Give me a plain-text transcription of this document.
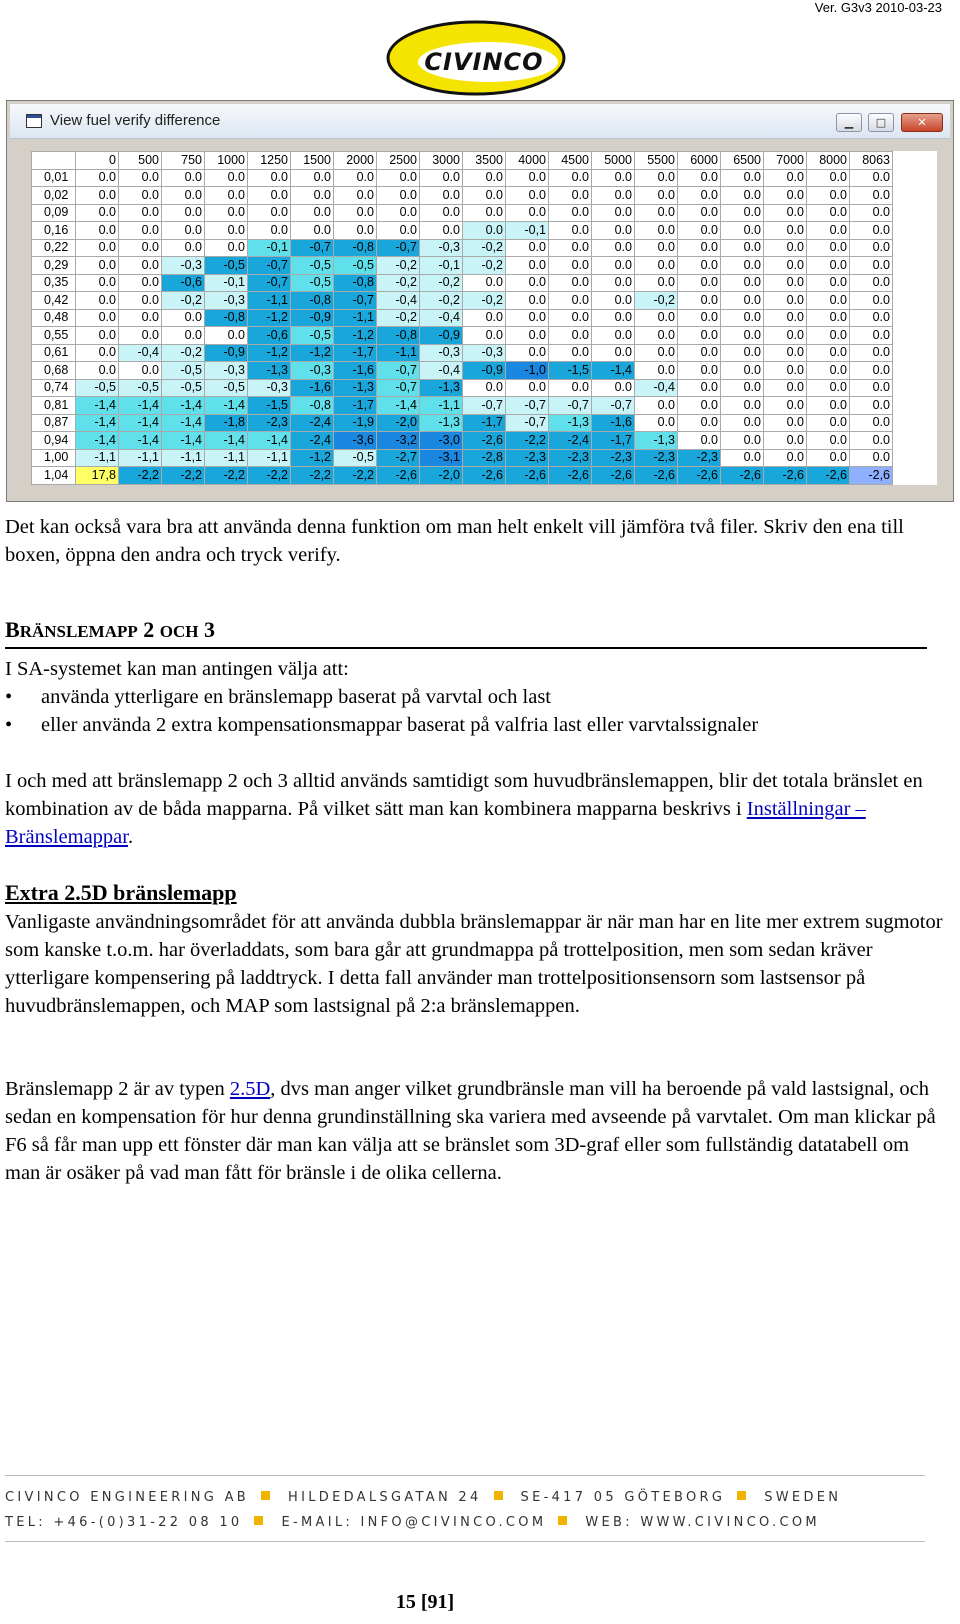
Ver. G3v3 2010-03-23
CIVINCO
View fuel verify difference	▁	□	✕
	0	500	750	1000	1250	1500	2000	2500	3000	3500	4000	4500	5000	5500	6000	6500	7000	8000	8063
0,01	0.0	0.0	0.0	0.0	0.0	0.0	0.0	0.0	0.0	0.0	0.0	0.0	0.0	0.0	0.0	0.0	0.0	0.0	0.0
0,02	0.0	0.0	0.0	0.0	0.0	0.0	0.0	0.0	0.0	0.0	0.0	0.0	0.0	0.0	0.0	0.0	0.0	0.0	0.0
0,09	0.0	0.0	0.0	0.0	0.0	0.0	0.0	0.0	0.0	0.0	0.0	0.0	0.0	0.0	0.0	0.0	0.0	0.0	0.0
0,16	0.0	0.0	0.0	0.0	0.0	0.0	0.0	0.0	0.0	0.0	-0,1	0.0	0.0	0.0	0.0	0.0	0.0	0.0	0.0
0,22	0.0	0.0	0.0	0.0	-0,1	-0,7	-0,8	-0,7	-0,3	-0,2	0.0	0.0	0.0	0.0	0.0	0.0	0.0	0.0	0.0
0,29	0.0	0.0	-0,3	-0,5	-0,7	-0,5	-0,5	-0,2	-0,1	-0,2	0.0	0.0	0.0	0.0	0.0	0.0	0.0	0.0	0.0
0,35	0.0	0.0	-0,6	-0,1	-0,7	-0,5	-0,8	-0,2	-0,2	0.0	0.0	0.0	0.0	0.0	0.0	0.0	0.0	0.0	0.0
0,42	0.0	0.0	-0,2	-0,3	-1,1	-0,8	-0,7	-0,4	-0,2	-0,2	0.0	0.0	0.0	-0,2	0.0	0.0	0.0	0.0	0.0
0,48	0.0	0.0	0.0	-0,8	-1,2	-0,9	-1,1	-0,2	-0,4	0.0	0.0	0.0	0.0	0.0	0.0	0.0	0.0	0.0	0.0
0,55	0.0	0.0	0.0	0.0	-0,6	-0,5	-1,2	-0,8	-0,9	0.0	0.0	0.0	0.0	0.0	0.0	0.0	0.0	0.0	0.0
0,61	0.0	-0,4	-0,2	-0,9	-1,2	-1,2	-1,7	-1,1	-0,3	-0,3	0.0	0.0	0.0	0.0	0.0	0.0	0.0	0.0	0.0
0,68	0.0	0.0	-0,5	-0,3	-1,3	-0,3	-1,6	-0,7	-0,4	-0,9	-1,0	-1,5	-1,4	0.0	0.0	0.0	0.0	0.0	0.0
0,74	-0,5	-0,5	-0,5	-0,5	-0,3	-1,6	-1,3	-0,7	-1,3	0.0	0.0	0.0	0.0	-0,4	0.0	0.0	0.0	0.0	0.0
0,81	-1,4	-1,4	-1,4	-1,4	-1,5	-0,8	-1,7	-1,4	-1,1	-0,7	-0,7	-0,7	-0,7	0.0	0.0	0.0	0.0	0.0	0.0
0,87	-1,4	-1,4	-1,4	-1,8	-2,3	-2,4	-1,9	-2,0	-1,3	-1,7	-0,7	-1,3	-1,6	0.0	0.0	0.0	0.0	0.0	0.0
0,94	-1,4	-1,4	-1,4	-1,4	-1,4	-2,4	-3,6	-3,2	-3,0	-2,6	-2,2	-2,4	-1,7	-1,3	0.0	0.0	0.0	0.0	0.0
1,00	-1,1	-1,1	-1,1	-1,1	-1,1	-1,2	-0,5	-2,7	-3,1	-2,8	-2,3	-2,3	-2,3	-2,3	-2,3	0.0	0.0	0.0	0.0
1,04	17,8	-2,2	-2,2	-2,2	-2,2	-2,2	-2,2	-2,6	-2,0	-2,6	-2,6	-2,6	-2,6	-2,6	-2,6	-2,6	-2,6	-2,6	-2,6
Det kan också vara bra att använda denna funktion om man helt enkelt vill jämföra två filer. Skriv den ena till boxen, öppna den andra och tryck verify.
BRÄNSLEMAPP 2 OCH 3
I SA-systemet kan man antingen välja att:
• använda ytterligare en bränslemapp baserat på varvtal och last
• eller använda 2 extra kompensationsmappar baserat på valfria last eller varvtalssignaler
I och med att bränslemapp 2 och 3 alltid används samtidigt som huvudbränslemappen, blir det totala bränslet en kombination av de båda mapparna. På vilket sätt man kan kombinera mapparna beskrivs i Inställningar – Bränslemappar.
Extra 2.5D bränslemapp
Vanligaste användningsområdet för att använda dubbla bränslemappar är när man har en lite mer extrem sugmotor som kanske t.o.m. har överladdats, som bara går att grundmappa på trottelposition, men som sedan kräver ytterligare kompensering på laddtryck. I detta fall använder man trottelpositionsensorn som lastsensor på huvudbränslemappen, och MAP som lastsignal på 2:a bränslemappen.
Bränslemapp 2 är av typen 2.5D, dvs man anger vilket grundbränsle man vill ha beroende på vald lastsignal, och sedan en kompensation för hur denna grundinställning ska variera med avseende på varvtalet. Om man klickar på F6 så får man upp ett fönster där man kan välja att se bränslet som 3D-graf eller som fullständig datatabell om man är osäker på vad man fått för bränsle i de olika cellerna.
CIVINCO ENGINEERING AB	HILDEDALSGATAN 24	SE-417 05 GÖTEBORG	SWEDEN
TEL: +46-(0)31-22 08 10	E-MAIL: INFO@CIVINCO.COM	WEB: WWW.CIVINCO.COM
15 [91]
